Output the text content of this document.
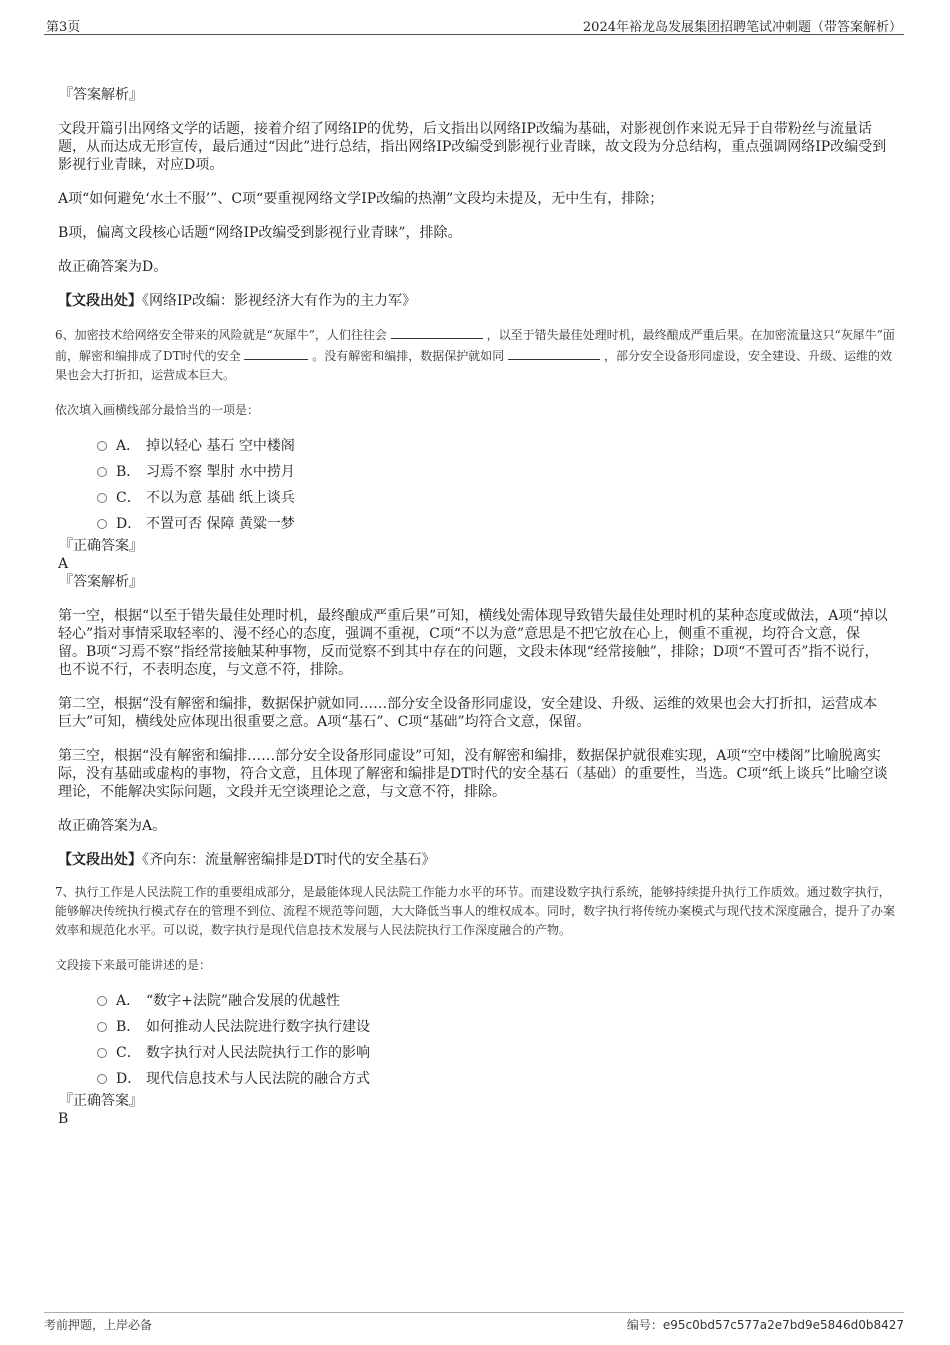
第3页	2024年裕龙岛发展集团招聘笔试冲刺题（带答案解析）
『答案解析』

文段开篇引出网络文学的话题，接着介绍了网络IP的优势，后文指出以网络IP改编为基础，对影视创作来说无异于自带粉丝与流量话题，从而达成无形宣传，最后通过“因此”进行总结，指出网络IP改编受到影视行业青睐，故文段为分总结构，重点强调网络IP改编受到影视行业青睐，对应D项。

A项“如何避免‘水土不服’”、C项“要重视网络文学IP改编的热潮”文段均未提及，无中生有，排除；

B项，偏离文段核心话题“网络IP改编受到影视行业青睐”，排除。

故正确答案为D。

【文段出处】《网络IP改编：影视经济大有作为的主力军》

6、加密技术给网络安全带来的风险就是“灰犀牛”，人们往往会	，以至于错失最佳处理时机，最终酿成严重后果。在加密流量这只“灰犀牛”面前，解密和编排成了DT时代的安全	。没有解密和编排，数据保护就如同	，部分安全设备形同虚设，安全建设、升级、运维的效果也会大打折扣，运营成本巨大。

依次填入画横线部分最恰当的一项是：

A． 掉以轻心 基石 空中楼阁
B． 习焉不察 掣肘 水中捞月
C． 不以为意 基础 纸上谈兵
D． 不置可否 保障 黄粱一梦
『正确答案』
A
『答案解析』

第一空，根据“以至于错失最佳处理时机，最终酿成严重后果”可知，横线处需体现导致错失最佳处理时机的某种态度或做法，A项“掉以轻心”指对事情采取轻率的、漫不经心的态度，强调不重视，C项“不以为意”意思是不把它放在心上，侧重不重视，均符合文意，保留。B项“习焉不察”指经常接触某种事物，反而觉察不到其中存在的问题，文段未体现“经常接触”，排除；D项“不置可否”指不说行，也不说不行，不表明态度，与文意不符，排除。

第二空，根据“没有解密和编排，数据保护就如同……部分安全设备形同虚设，安全建设、升级、运维的效果也会大打折扣，运营成本巨大”可知，横线处应体现出很重要之意。A项“基石”、C项“基础”均符合文意，保留。

第三空，根据“没有解密和编排……部分安全设备形同虚设”可知，没有解密和编排，数据保护就很难实现，A项“空中楼阁”比喻脱离实际，没有基础或虚构的事物，符合文意，且体现了解密和编排是DT时代的安全基石（基础）的重要性，当选。C项“纸上谈兵”比喻空谈理论，不能解决实际问题，文段并无空谈理论之意，与文意不符，排除。

故正确答案为A。

【文段出处】《齐向东：流量解密编排是DT时代的安全基石》

7、执行工作是人民法院工作的重要组成部分，是最能体现人民法院工作能力水平的环节。而建设数字执行系统，能够持续提升执行工作质效。通过数字执行，能够解决传统执行模式存在的管理不到位、流程不规范等问题，大大降低当事人的维权成本。同时，数字执行将传统办案模式与现代技术深度融合，提升了办案效率和规范化水平。可以说，数字执行是现代信息技术发展与人民法院执行工作深度融合的产物。

文段接下来最可能讲述的是：

A． “数字+法院”融合发展的优越性
B． 如何推动人民法院进行数字执行建设
C． 数字执行对人民法院执行工作的影响
D． 现代信息技术与人民法院的融合方式
『正确答案』
B
考前押题，上岸必备	编号：e95c0bd57c577a2e7bd9e5846d0b8427
